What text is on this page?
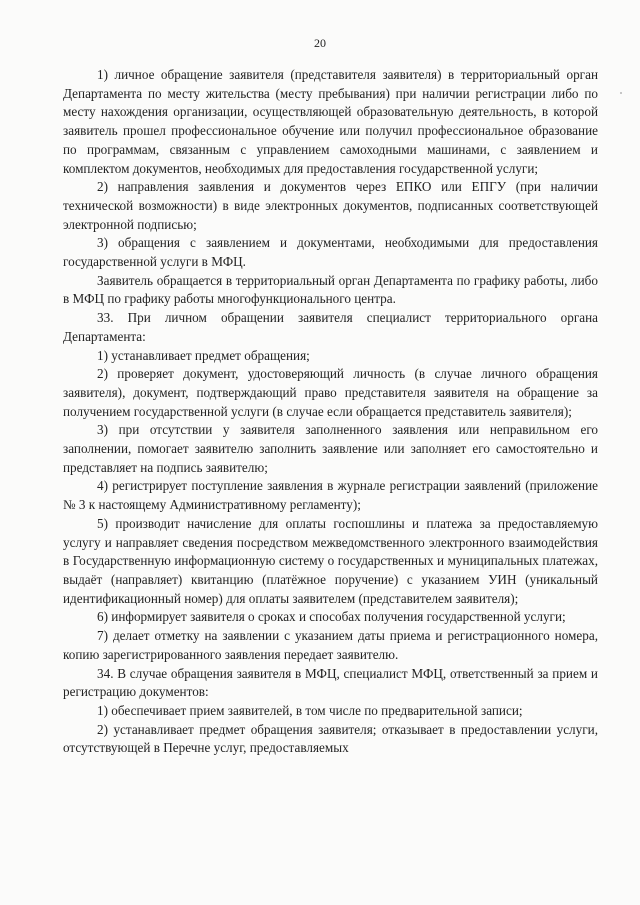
20

1) личное обращение заявителя (представителя заявителя) в территориальный орган Департамента по месту жительства (месту пребывания) при наличии регистрации либо по месту нахождения организации, осуществляющей образовательную деятельность, в которой заявитель прошел профессиональное обучение или получил профессиональное образование по программам, связанным с управлением самоходными машинами, с заявлением и комплектом документов, необходимых для предоставления государственной услуги;

2) направления заявления и документов через ЕПКО или ЕПГУ (при наличии технической возможности) в виде электронных документов, подписанных соответствующей электронной подписью;

3) обращения с заявлением и документами, необходимыми для предоставления государственной услуги в МФЦ.

Заявитель обращается в территориальный орган Департамента по графику работы, либо в МФЦ по графику работы многофункционального центра.

33. При личном обращении заявителя специалист территориального органа Департамента:

1) устанавливает предмет обращения;

2) проверяет документ, удостоверяющий личность (в случае личного обращения заявителя), документ, подтверждающий право представителя заявителя на обращение за получением государственной услуги (в случае если обращается представитель заявителя);

3) при отсутствии у заявителя заполненного заявления или неправильном его заполнении, помогает заявителю заполнить заявление или заполняет его самостоятельно и представляет на подпись заявителю;

4) регистрирует поступление заявления в журнале регистрации заявлений (приложение № 3 к настоящему Административному регламенту);

5) производит начисление для оплаты госпошлины и платежа за предоставляемую услугу и направляет сведения посредством межведомственного электронного взаимодействия в Государственную информационную систему о государственных и муниципальных платежах, выдаёт (направляет) квитанцию (платёжное поручение) с указанием УИН (уникальный идентификационный номер) для оплаты заявителем (представителем заявителя);

6) информирует заявителя о сроках и способах получения государственной услуги;

7) делает отметку на заявлении с указанием даты приема и регистрационного номера, копию зарегистрированного заявления передает заявителю.

34. В случае обращения заявителя в МФЦ, специалист МФЦ, ответственный за прием и регистрацию документов:

1) обеспечивает прием заявителей, в том числе по предварительной записи;

2) устанавливает предмет обращения заявителя; отказывает в предоставлении услуги, отсутствующей в Перечне услуг, предоставляемых
